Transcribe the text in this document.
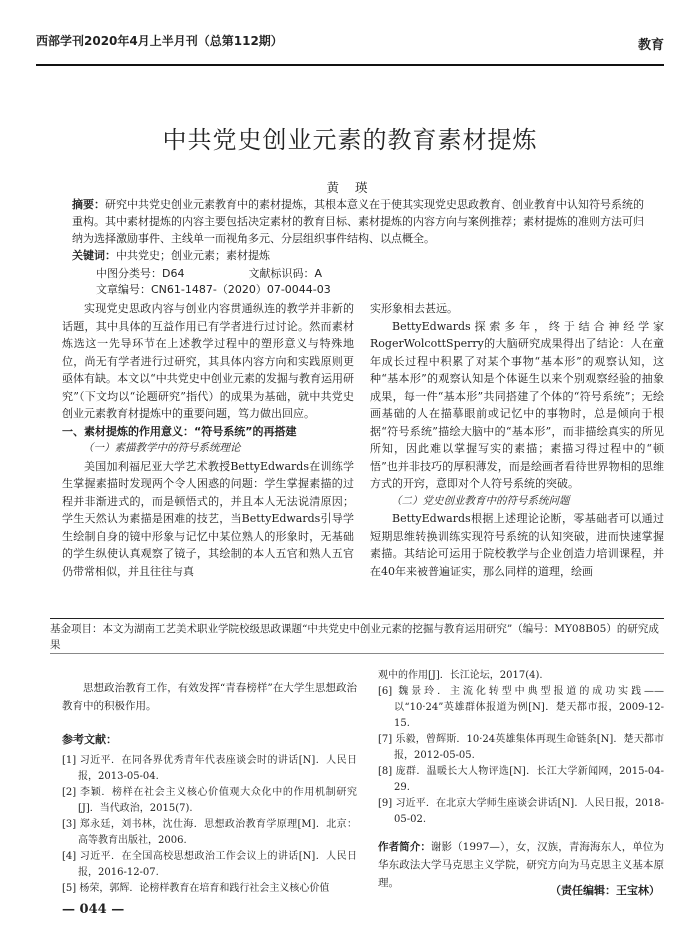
西部学刊2020年4月上半月刊（总第112期）	教育
中共党史创业元素的教育素材提炼
黄 瑛
摘要：研究中共党史创业元素教育中的素材提炼，其根本意义在于使其实现党史思政教育、创业教育中认知符号系统的重构。其中素材提炼的内容主要包括决定素材的教育目标、素材提炼的内容方向与案例推荐；素材提炼的准则方法可归纳为选择激励事件、主线单一而视角多元、分层组织事件结构、以点概全。
关键词：中共党史；创业元素；素材提炼
中图分类号：D64	文献标识码：A文章编号：CN61-1487-（2020）07-0044-03

实现党史思政内容与创业内容贯通纵连的教学并非新的话题，其中具体的互益作用已有学者进行过讨论。然而素材炼选这一先导环节在上述教学过程中的塑形意义与特殊地位，尚无有学者进行过研究，其具体内容方向和实践原则更亟体有缺。本文以“中共党史中创业元素的发掘与教育运用研究”（下文均以“论题研究”指代）的成果为基础，就中共党史创业元素教育材提炼中的重要问题，笃力做出回应。

一、素材提炼的作用意义：“符号系统”的再搭建
（一）素描教学中的符号系统理论

美国加利福尼亚大学艺术教授BettyEdwards在训练学生掌握素描时发现两个令人困惑的问题：学生掌握素描的过程并非渐进式的，而是顿悟式的，并且本人无法说清原因；学生天然认为素描是困难的技艺，当BettyEdwards引导学生绘制自身的镜中形象与记忆中某位熟人的形象时，无基础的学生纵使认真观察了镜子，其绘制的本人五官和熟人五官仍带常相似，并且往往与真

实形象相去甚远。

BettyEdwards探索多年，终于结合神经学家RogerWolcottSperry的大脑研究成果得出了结论：人在童年成长过程中积累了对某个事物“基本形”的观察认知，这种“基本形”的观察认知是个体诞生以来个别观察经验的抽象成果，每一件“基本形”共同搭建了个体的“符号系统”；无绘画基础的人在描摹眼前或记忆中的事物时，总是倾向于根据“符号系统”描绘大脑中的“基本形”，而非描绘真实的所见所知，因此难以掌握写实的素描；素描习得过程中的“顿悟”也并非技巧的厚积薄发，而是绘画者看待世界物相的思维方式的开窍，意即对个人符号系统的突破。

（二）党史创业教育中的符号系统问题

BettyEdwards根据上述理论论断，零基础者可以通过短期思维转换训练实现符号系统的认知突破，进而快速掌握素描。其结论可运用于院校教学与企业创造力培训课程，并在40年来被普遍证实，那么同样的道理，绘画

基金项目：本文为湖南工艺美术职业学院校级思政课题“中共党史中创业元素的挖掘与教育运用研究”（编号：MY08B05）的研究成果

思想政治教育工作，有效发挥“青春榜样”在大学生思想政治教育中的积极作用。

参考文献：
[1] 习近平．在同各界优秀青年代表座谈会时的讲话[N]．人民日报，2013-05-04.
[2] 李颖．榜样在社会主义核心价值观大众化中的作用机制研究[J]．当代政治，2015(7).
[3] 郑永廷，刘书林，沈仕海．思想政治教育学原理[M]．北京：高等教育出版社，2006.
[4] 习近平．在全国高校思想政治工作会议上的讲话[N]．人民日报，2016-12-07.
[5] 杨荣，郭辉．论榜样教育在培育和践行社会主义核心价值
观中的作用[J]．长江论坛，2017(4).
[6] 魏景玲．主流化转型中典型报道的成功实践——以“10·24”英雄群体报道为例[N]．楚天都市报，2009-12-15.
[7] 乐毅，曾辉斯．10·24英雄集体再现生命链条[N]．楚天都市报，2012-05-05.
[8] 庞群．温暖长大人物评选[N]．长江大学新闻网，2015-04-29.
[9] 习近平．在北京大学师生座谈会讲话[N]．人民日报，2018-05-02.
作者简介：谢影（1997—），女，汉族，青海海东人，单位为华东政法大学马克思主义学院，研究方向为马克思主义基本原理。
（责任编辑：王宝林）
— 044 —
